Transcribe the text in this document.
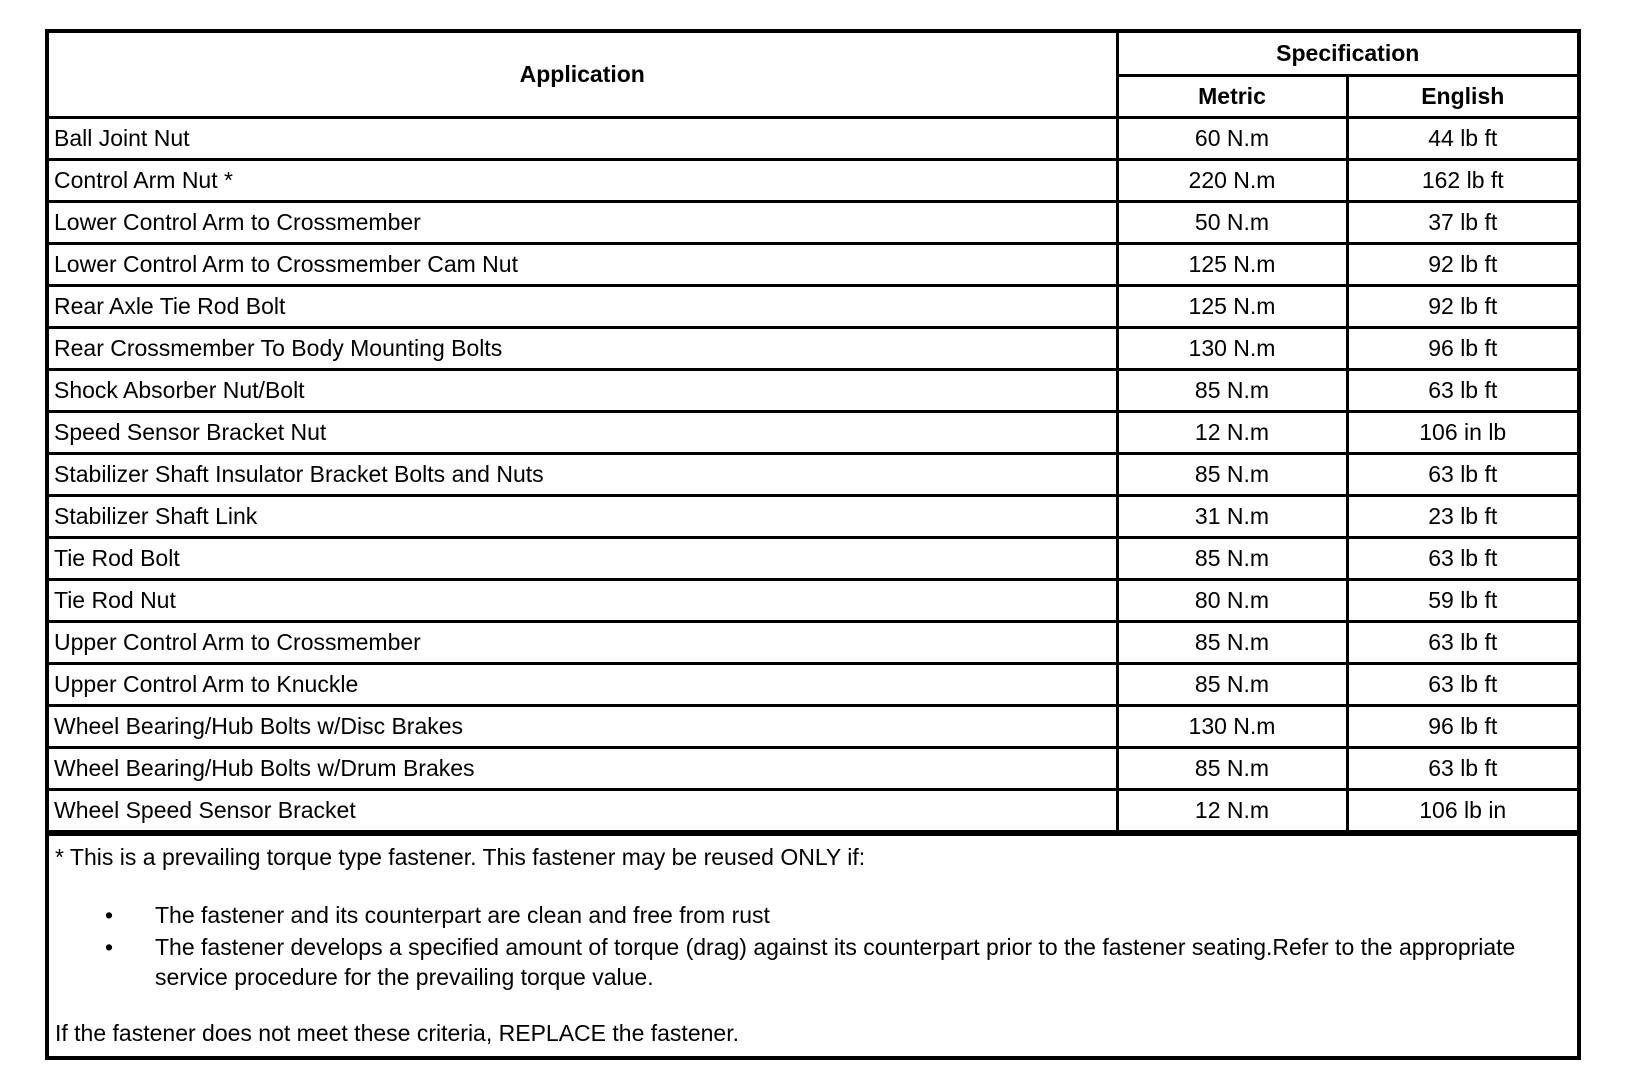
Application	Specification	
	Metric	English
Ball Joint Nut	60 N.m	44 lb ft
Control Arm Nut *	220 N.m	162 lb ft
Lower Control Arm to Crossmember	50 N.m	37 lb ft
Lower Control Arm to Crossmember Cam Nut	125 N.m	92 lb ft
Rear Axle Tie Rod Bolt	125 N.m	92 lb ft
Rear Crossmember To Body Mounting Bolts	130 N.m	96 lb ft
Shock Absorber Nut/Bolt	85 N.m	63 lb ft
Speed Sensor Bracket Nut	12 N.m	106 in lb
Stabilizer Shaft Insulator Bracket Bolts and Nuts	85 N.m	63 lb ft
Stabilizer Shaft Link	31 N.m	23 lb ft
Tie Rod Bolt	85 N.m	63 lb ft
Tie Rod Nut	80 N.m	59 lb ft
Upper Control Arm to Crossmember	85 N.m	63 lb ft
Upper Control Arm to Knuckle	85 N.m	63 lb ft
Wheel Bearing/Hub Bolts w/Disc Brakes	130 N.m	96 lb ft
Wheel Bearing/Hub Bolts w/Drum Brakes	85 N.m	63 lb ft
Wheel Speed Sensor Bracket	12 N.m	106 lb in

* This is a prevailing torque type fastener. This fastener may be reused ONLY if:

• The fastener and its counterpart are clean and free from rust
• The fastener develops a specified amount of torque (drag) against its counterpart prior to the fastener seating.Refer to the appropriate service procedure for the prevailing torque value.

If the fastener does not meet these criteria, REPLACE the fastener.
